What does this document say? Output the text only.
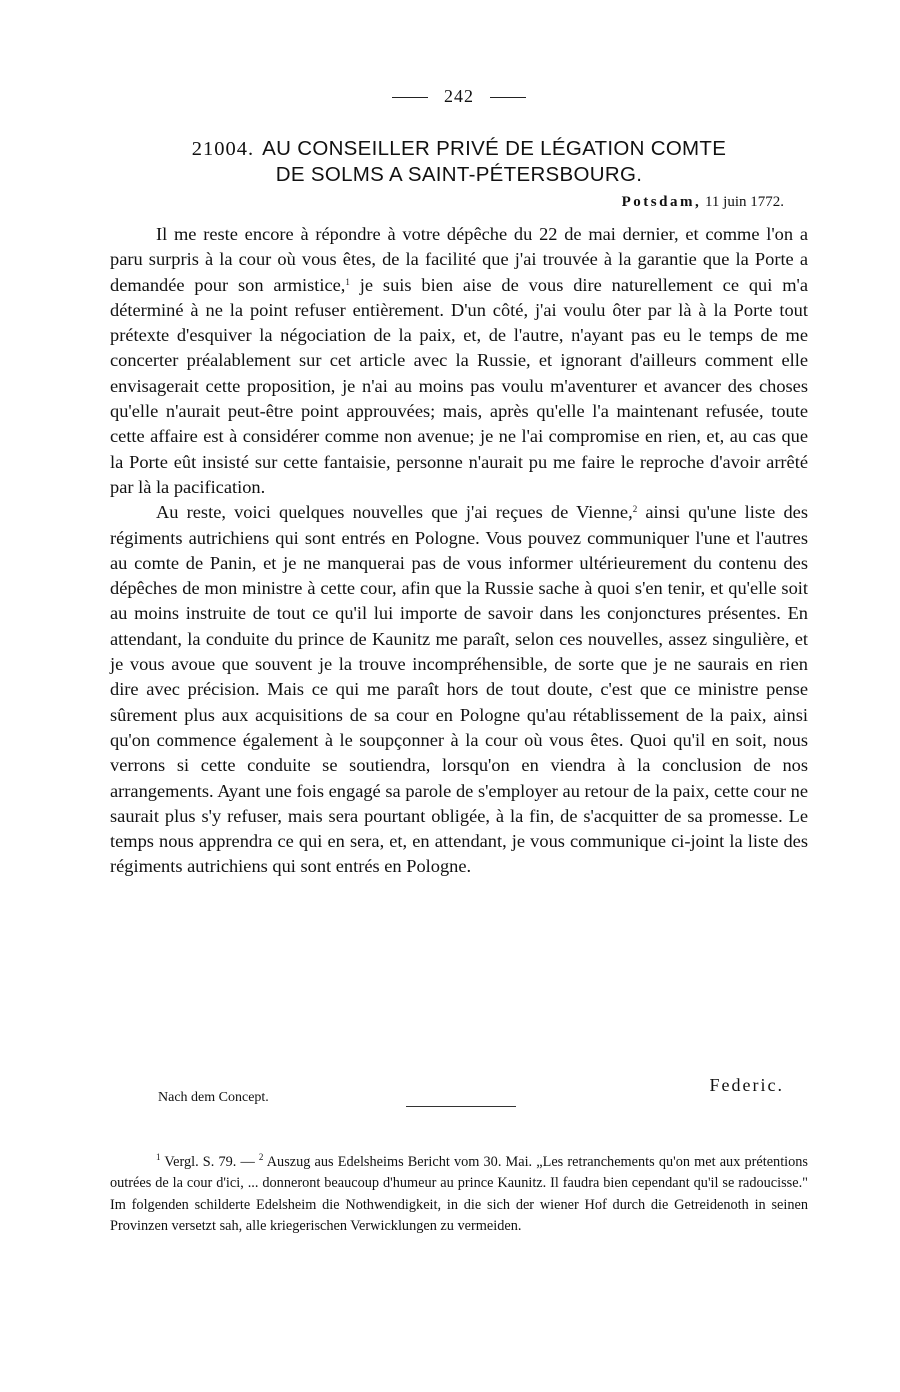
242
21004. AU CONSEILLER PRIVÉ DE LÉGATION COMTE
DE SOLMS A SAINT-PÉTERSBOURG.
Potsdam, 11 juin 1772.

Il me reste encore à répondre à votre dépêche du 22 de mai dernier, et comme l'on a paru surpris à la cour où vous êtes, de la facilité que j'ai trouvée à la garantie que la Porte a demandée pour son armistice,$^1$ je suis bien aise de vous dire naturellement ce qui m'a déterminé à ne la point refuser entièrement. D'un côté, j'ai voulu ôter par là à la Porte tout prétexte d'esquiver la négociation de la paix, et, de l'autre, n'ayant pas eu le temps de me concerter préalablement sur cet article avec la Russie, et ignorant d'ailleurs comment elle envisagerait cette proposition, je n'ai au moins pas voulu m'aventurer et avancer des choses qu'elle n'aurait peut-être point approuvées; mais, après qu'elle l'a maintenant refusée, toute cette affaire est à considérer comme non avenue; je ne l'ai compromise en rien, et, au cas que la Porte eût insisté sur cette fantaisie, personne n'aurait pu me faire le reproche d'avoir arrêté par là la pacification.

Au reste, voici quelques nouvelles que j'ai reçues de Vienne,$^2$ ainsi qu'une liste des régiments autrichiens qui sont entrés en Pologne. Vous pouvez communiquer l'une et l'autres au comte de Panin, et je ne manquerai pas de vous informer ultérieurement du contenu des dépêches de mon ministre à cette cour, afin que la Russie sache à quoi s'en tenir, et qu'elle soit au moins instruite de tout ce qu'il lui importe de savoir dans les conjonctures présentes. En attendant, la conduite du prince de Kaunitz me paraît, selon ces nouvelles, assez singulière, et je vous avoue que souvent je la trouve incompréhensible, de sorte que je ne saurais en rien dire avec précision. Mais ce qui me paraît hors de tout doute, c'est que ce ministre pense sûrement plus aux acquisitions de sa cour en Pologne qu'au rétablissement de la paix, ainsi qu'on commence également à le soupçonner à la cour où vous êtes. Quoi qu'il en soit, nous verrons si cette conduite se soutiendra, lorsqu'on en viendra à la conclusion de nos arrangements. Ayant une fois engagé sa parole de s'employer au retour de la paix, cette cour ne saurait plus s'y refuser, mais sera pourtant obligée, à la fin, de s'acquitter de sa promesse. Le temps nous apprendra ce qui en sera, et, en attendant, je vous communique ci-joint la liste des régiments autrichiens qui sont entrés en Pologne.

Federic.
Nach dem Concept.

$^1$ Vergl. S. 79. — $^2$ Auszug aus Edelsheims Bericht vom 30. Mai. „Les retranchements qu'on met aux prétentions outrées de la cour d'ici, ... donneront beaucoup d'humeur au prince Kaunitz. Il faudra bien cependant qu'il se radoucisse." Im folgenden schilderte Edelsheim die Nothwendigkeit, in die sich der wiener Hof durch die Getreidenoth in seinen Provinzen versetzt sah, alle kriegerischen Verwicklungen zu vermeiden.
